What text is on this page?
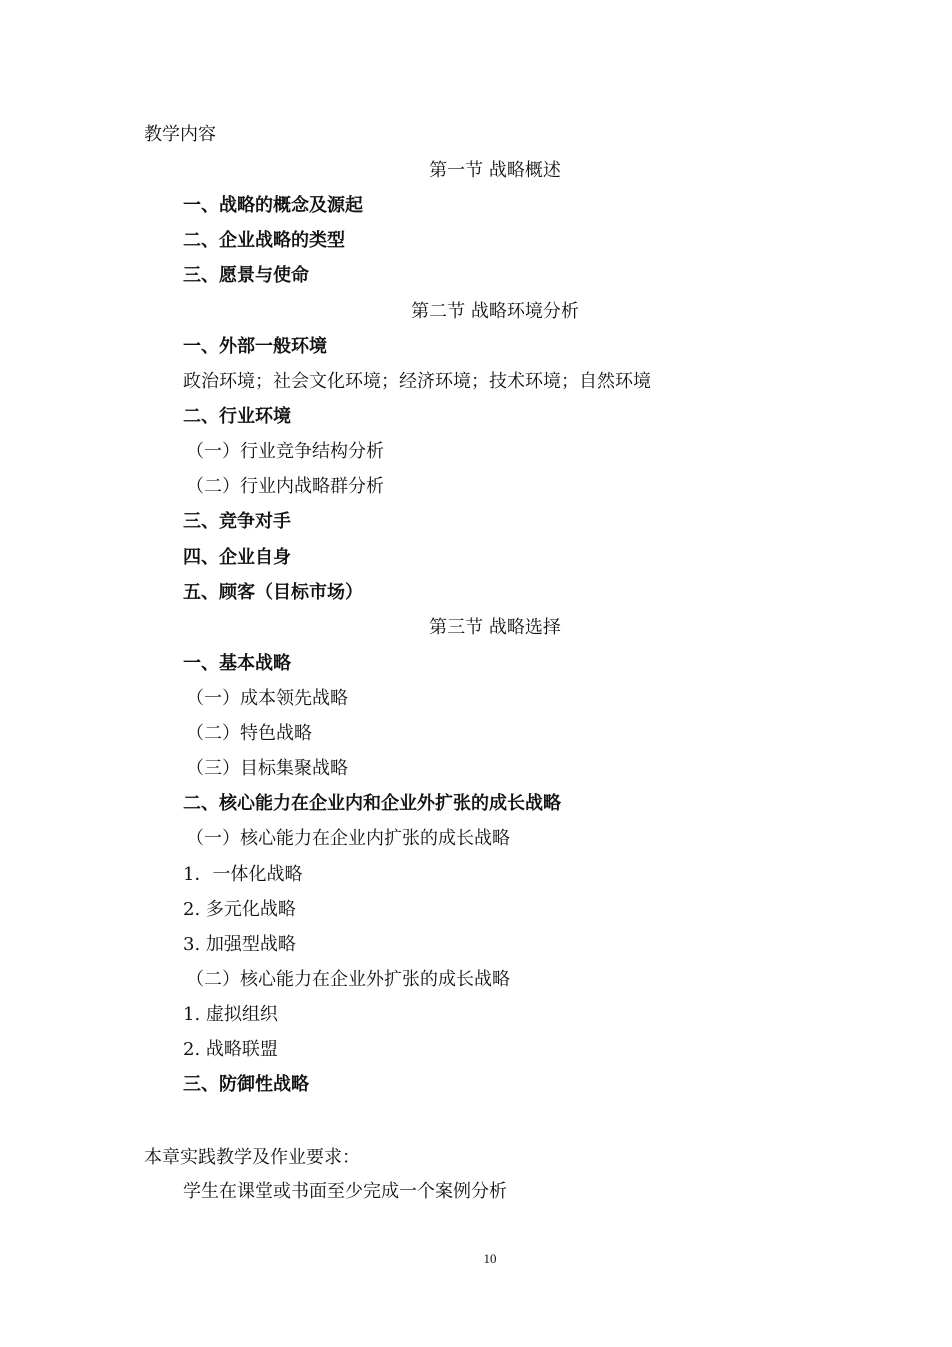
教学内容
第一节 战略概述
一、战略的概念及源起
二、企业战略的类型
三、愿景与使命
第二节 战略环境分析
一、外部一般环境
政治环境；社会文化环境；经济环境；技术环境；自然环境
二、行业环境
（一）行业竞争结构分析
（二）行业内战略群分析
三、竞争对手
四、企业自身
五、顾客（目标市场）
第三节 战略选择
一、基本战略
（一）成本领先战略
（二）特色战略
（三）目标集聚战略
二、核心能力在企业内和企业外扩张的成长战略
（一）核心能力在企业内扩张的成长战略
1．一体化战略
2. 多元化战略
3. 加强型战略
（二）核心能力在企业外扩张的成长战略
1. 虚拟组织
2. 战略联盟
三、防御性战略
本章实践教学及作业要求：
学生在课堂或书面至少完成一个案例分析
10
